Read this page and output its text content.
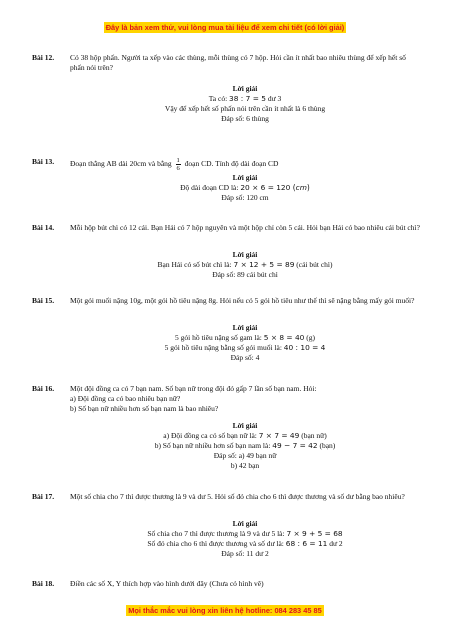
Đây là bản xem thử, vui lòng mua tài liệu để xem chi tiết (có lời giải)
Bài 12. Có 38 hộp phấn. Người ta xếp vào các thùng, mỗi thùng có 7 hộp. Hỏi cần ít nhất bao nhiêu thùng để xếp hết số phấn nói trên?
Lời giải
Ta có: 38 : 7 = 5 dư 3
Vậy để xếp hết số phấn nói trên cần ít nhất là 6 thùng
Đáp số: 6 thùng
Bài 13. Đoạn thẳng AB dài 20cm và bằng $\frac{1}{6}$ đoạn CD. Tính độ dài đoạn CD
Lời giải
Độ dài đoạn CD là: 20 × 6 = 120 (cm)
Đáp số: 120 cm
Bài 14. Mỗi hộp bút chì có 12 cái. Bạn Hải có 7 hộp nguyên và một hộp chỉ còn 5 cái. Hỏi bạn Hải có bao nhiêu cái bút chì?
Lời giải
Bạn Hải có số bút chì là: 7 × 12 + 5 = 89 (cái bút chì)
Đáp số: 89 cái bút chì
Bài 15. Một gói muối nặng 10g, một gói hồ tiêu nặng 8g. Hỏi nếu có 5 gói hồ tiêu như thế thì sẽ nặng bằng mấy gói muối?
Lời giải
5 gói hồ tiêu nặng số gam là: 5 × 8 = 40 (g)
5 gói hồ tiêu nặng bằng số gói muối là: 40 : 10 = 4
Đáp số: 4
Bài 16. Một đội đồng ca có 7 bạn nam. Số bạn nữ trong đội đó gấp 7 lần số bạn nam. Hỏi:
a) Đội đồng ca có bao nhiêu bạn nữ?
b) Số bạn nữ nhiều hơn số bạn nam là bao nhiêu?
Lời giải
a) Đội đồng ca có số bạn nữ là: 7 × 7 = 49 (bạn nữ)
b) Số bạn nữ nhiều hơn số bạn nam là: 49 − 7 = 42 (bạn)
Đáp số: a) 49 bạn nữ
b) 42 bạn
Bài 17. Một số chia cho 7 thì được thương là 9 và dư 5. Hỏi số đó chia cho 6 thì được thương và số dư bằng bao nhiêu?
Lời giải
Số chia cho 7 thì được thương là 9 và dư 5 là: 7 × 9 + 5 = 68
Số đó chia cho 6 thì được thương và số dư là: 68 : 6 = 11 dư 2
Đáp số: 11 dư 2
Bài 18. Điền các số X, Y thích hợp vào hình dưới đây (Chưa có hình vẽ)
Mọi thắc mắc vui lòng xin liên hệ hotline: 084 283 45 85
